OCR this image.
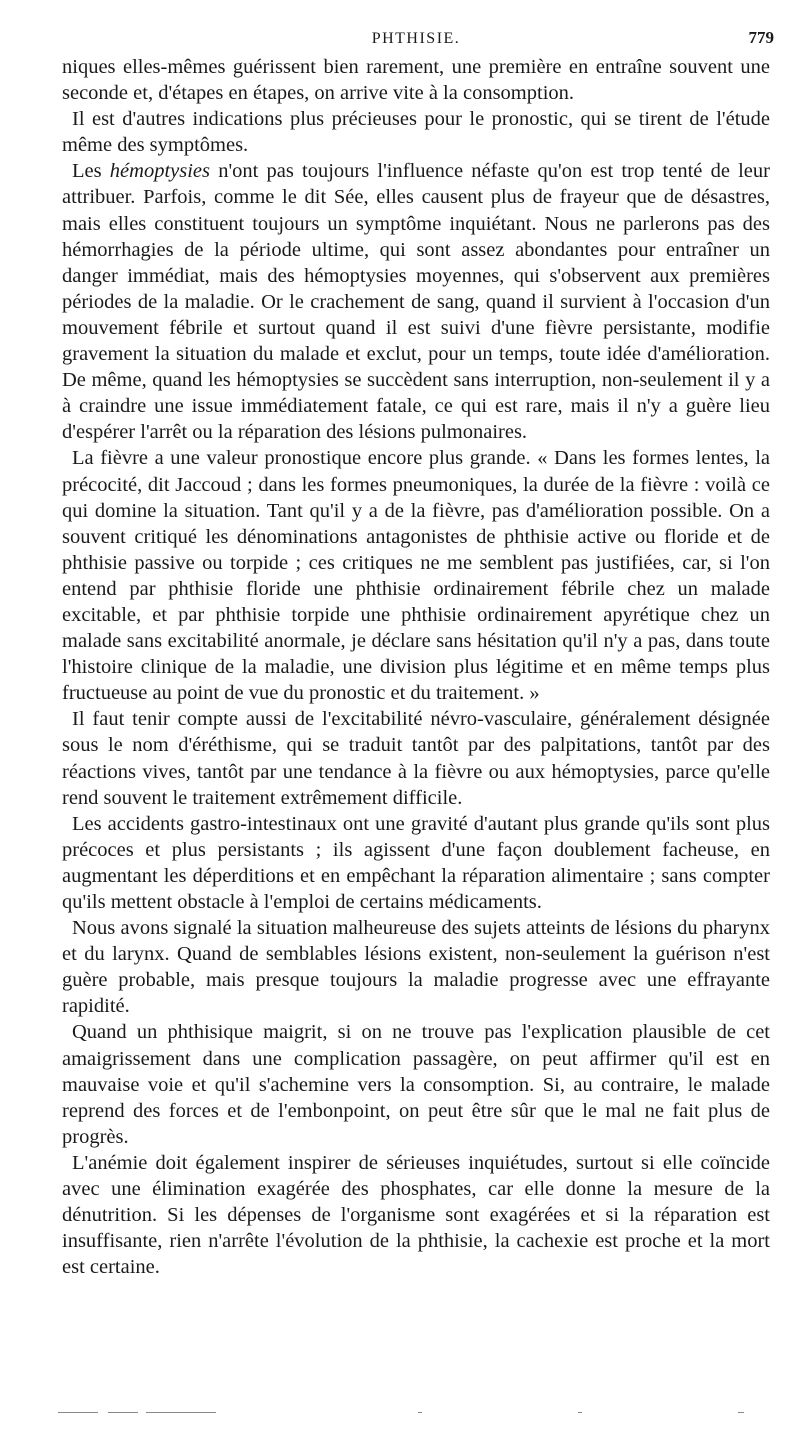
PHTHISIE.	779

niques elles-mêmes guérissent bien rarement, une première en entraîne souvent une seconde et, d'étapes en étapes, on arrive vite à la consomption.

Il est d'autres indications plus précieuses pour le pronostic, qui se tirent de l'étude même des symptômes.

Les hémoptysies n'ont pas toujours l'influence néfaste qu'on est trop tenté de leur attribuer. Parfois, comme le dit Sée, elles causent plus de frayeur que de désastres, mais elles constituent toujours un symptôme inquiétant. Nous ne parlerons pas des hémorrhagies de la période ultime, qui sont assez abondantes pour entraîner un danger immédiat, mais des hémoptysies moyennes, qui s'observent aux premières périodes de la maladie. Or le crachement de sang, quand il survient à l'occasion d'un mouvement fébrile et surtout quand il est suivi d'une fièvre persistante, modifie gravement la situation du malade et exclut, pour un temps, toute idée d'amélioration. De même, quand les hémoptysies se succèdent sans interruption, non-seulement il y a à craindre une issue immédiatement fatale, ce qui est rare, mais il n'y a guère lieu d'espérer l'arrêt ou la réparation des lésions pulmonaires.

La fièvre a une valeur pronostique encore plus grande. « Dans les formes lentes, la précocité, dit Jaccoud ; dans les formes pneumoniques, la durée de la fièvre : voilà ce qui domine la situation. Tant qu'il y a de la fièvre, pas d'amélioration possible. On a souvent critiqué les dénominations antagonistes de phthisie active ou floride et de phthisie passive ou torpide ; ces critiques ne me semblent pas justifiées, car, si l'on entend par phthisie floride une phthisie ordinairement fébrile chez un malade excitable, et par phthisie torpide une phthisie ordinairement apyrétique chez un malade sans excitabilité anormale, je déclare sans hésitation qu'il n'y a pas, dans toute l'histoire clinique de la maladie, une division plus légitime et en même temps plus fructueuse au point de vue du pronostic et du traitement. »

Il faut tenir compte aussi de l'excitabilité névro-vasculaire, généralement désignée sous le nom d'éréthisme, qui se traduit tantôt par des palpitations, tantôt par des réactions vives, tantôt par une tendance à la fièvre ou aux hémoptysies, parce qu'elle rend souvent le traitement extrêmement difficile.

Les accidents gastro-intestinaux ont une gravité d'autant plus grande qu'ils sont plus précoces et plus persistants ; ils agissent d'une façon doublement facheuse, en augmentant les déperditions et en empêchant la réparation alimentaire ; sans compter qu'ils mettent obstacle à l'emploi de certains médicaments.

Nous avons signalé la situation malheureuse des sujets atteints de lésions du pharynx et du larynx. Quand de semblables lésions existent, non-seulement la guérison n'est guère probable, mais presque toujours la maladie progresse avec une effrayante rapidité.

Quand un phthisique maigrit, si on ne trouve pas l'explication plausible de cet amaigrissement dans une complication passagère, on peut affirmer qu'il est en mauvaise voie et qu'il s'achemine vers la consomption. Si, au contraire, le malade reprend des forces et de l'embonpoint, on peut être sûr que le mal ne fait plus de progrès.

L'anémie doit également inspirer de sérieuses inquiétudes, surtout si elle coïncide avec une élimination exagérée des phosphates, car elle donne la mesure de la dénutrition. Si les dépenses de l'organisme sont exagérées et si la réparation est insuffisante, rien n'arrête l'évolution de la phthisie, la cachexie est proche et la mort est certaine.
